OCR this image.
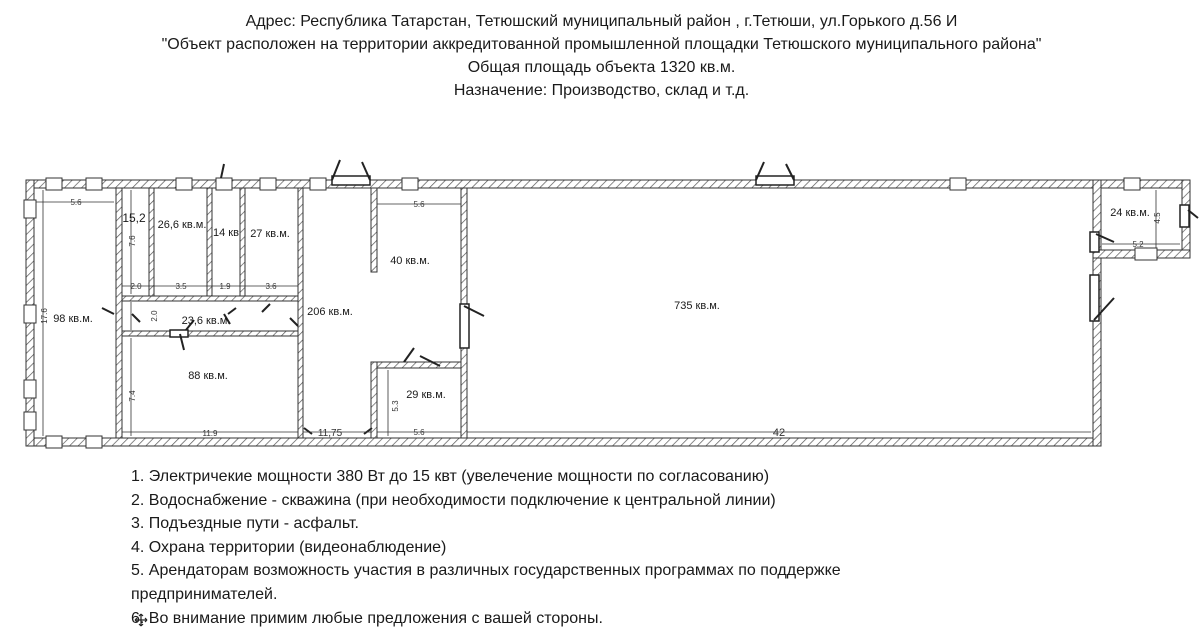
Адрес: Республика Татарстан, Тетюшский муниципальный район , г.Тетюши, ул.Горького д.56 И
"Объект расположен на территории аккредитованной промышленной площадки Тетюшского муниципального района"
Общая площадь объекта 1320 кв.м.
Назначение: Производство, склад и т.д.
98 кв.м.
15,2 26,6 кв.м.
14 кв 27 кв.м.
23,6 кв.м.
88 кв.м.
206 кв.м.
40 кв.м.
29 кв.м.
735 кв.м.
24 кв.м.
5.6
17.6
7.6
2.0	3.5	1.9	3.6
2.0
7.4
11.9	11,75
5.6
5.3
5.6	42
4.5
5.2
1. Электричекие мощности 380 Вт до 15 квт (увелечение мощности по согласованию)
2. Водоснабжение - скважина (при необходимости подключение к центральной линии)
3. Подъездные пути - асфальт.
4. Охрана территории (видеонаблюдение)
5. Арендаторам возможность участия в различных государственных программах по поддержке
предпринимателей.
6. Во внимание примим любые предложения с вашей стороны.
